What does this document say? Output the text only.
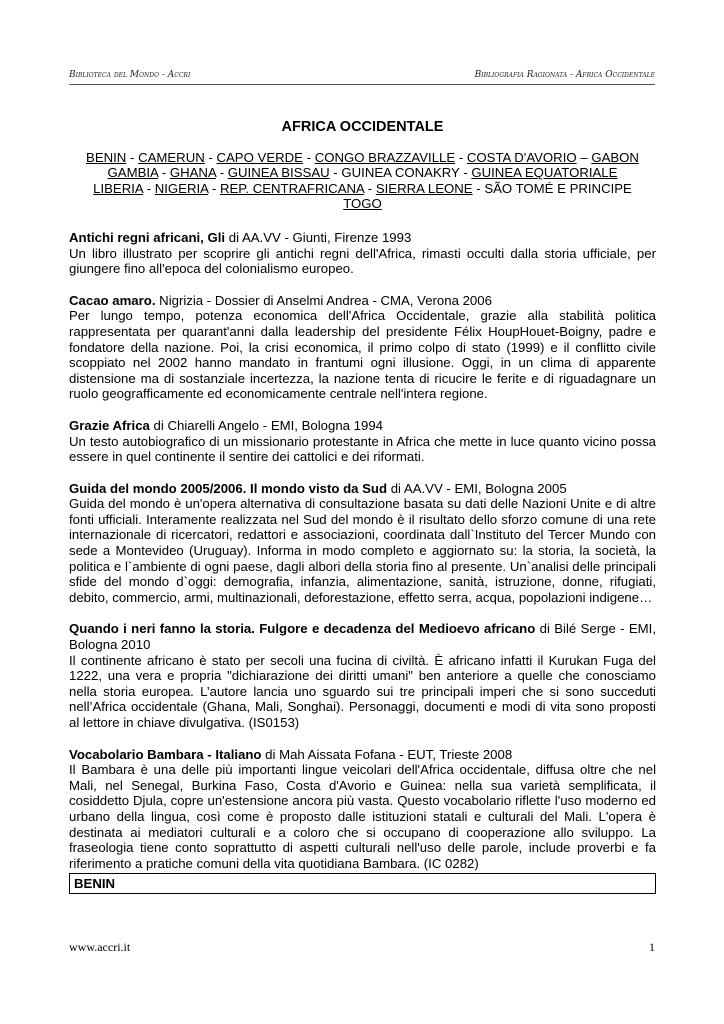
Biblioteca del Mondo - Accri	Bibliografia Ragionata - Africa Occidentale
AFRICA OCCIDENTALE
BENIN - CAMERUN - CAPO VERDE - CONGO BRAZZAVILLE - COSTA D'AVORIO – GABON
GAMBIA - GHANA - GUINEA BISSAU - GUINEA CONAKRY - GUINEA EQUATORIALE
LIBERIA - NIGERIA - REP. CENTRAFRICANA - SIERRA LEONE - SÃO TOMÉ E PRINCIPE
TOGO

Antichi regni africani, Gli di AA.VV - Giunti, Firenze 1993

Un libro illustrato per scoprire gli antichi regni dell'Africa, rimasti occulti dalla storia ufficiale, per giungere fino all'epoca del colonialismo europeo.

Cacao amaro. Nigrizia - Dossier di Anselmi Andrea - CMA, Verona 2006

Per lungo tempo, potenza economica dell'Africa Occidentale, grazie alla stabilità politica rappresentata per quarant'anni dalla leadership del presidente Félix HoupHouet-Boigny, padre e fondatore della nazione. Poi, la crisi economica, il primo colpo di stato (1999) e il conflitto civile scoppiato nel 2002 hanno mandato in frantumi ogni illusione. Oggi, in un clima di apparente distensione ma di sostanziale incertezza, la nazione tenta di ricucire le ferite e di riguadagnare un ruolo geografficamente ed economicamente centrale nell'intera regione.

Grazie Africa di Chiarelli Angelo - EMI, Bologna 1994

Un testo autobiografico di un missionario protestante in Africa che mette in luce quanto vicino possa essere in quel continente il sentire dei cattolici e dei riformati.

Guida del mondo 2005/2006. Il mondo visto da Sud di AA.VV - EMI, Bologna 2005

Guida del mondo è un'opera alternativa di consultazione basata su dati delle Nazioni Unite e di altre fonti ufficiali. Interamente realizzata nel Sud del mondo è il risultato dello sforzo comune di una rete internazionale di ricercatori, redattori e associazioni, coordinata dall`Instituto del Tercer Mundo con sede a Montevideo (Uruguay). Informa in modo completo e aggiornato su: la storia, la società, la politica e l`ambiente di ogni paese, dagli albori della storia fino al presente. Un`analisi delle principali sfide del mondo d`oggi: demografia, infanzia, alimentazione, sanità, istruzione, donne, rifugiati, debito, commercio, armi, multinazionali, deforestazione, effetto serra, acqua, popolazioni indigene…

Quando i neri fanno la storia. Fulgore e decadenza del Medioevo africano di Bilé Serge - EMI, Bologna 2010

Il continente africano è stato per secoli una fucina di civiltà. È africano infatti il Kurukan Fuga del 1222, una vera e propria "dichiarazione dei diritti umani" ben anteriore a quelle che conosciamo nella storia europea. L’autore lancia uno sguardo sui tre principali imperi che si sono succeduti nell’Africa occidentale (Ghana, Mali, Songhai). Personaggi, documenti e modi di vita sono proposti al lettore in chiave divulgativa. (IS0153)

Vocabolario Bambara - Italiano di Mah Aissata Fofana - EUT, Trieste 2008

Il Bambara è una delle più importanti lingue veicolari dell'Africa occidentale, diffusa oltre che nel Mali, nel Senegal, Burkina Faso, Costa d'Avorio e Guinea: nella sua varietà semplificata, il cosiddetto Djula, copre un'estensione ancora più vasta. Questo vocabolario riflette l'uso moderno ed urbano della lingua, così come è proposto dalle istituzioni statali e culturali del Mali. L'opera è destinata ai mediatori culturali e a coloro che si occupano di cooperazione allo sviluppo. La fraseologia tiene conto soprattutto di aspetti culturali nell'uso delle parole, include proverbi e fa riferimento a pratiche comuni della vita quotidiana Bambara. (IC 0282)

BENIN
www.accri.it	1
